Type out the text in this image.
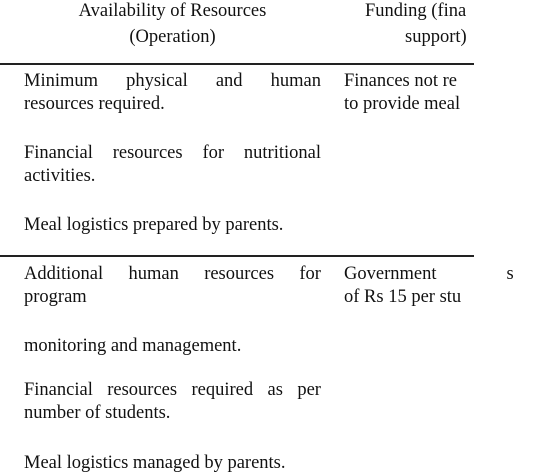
Availability of Resources
(Operation)
Funding (fina
support)
Minimum physical and human
resources required.
Financial resources for nutritional
activities.
Meal logistics prepared by parents.
Finances not re
to provide meal
Additional human resources for
program
monitoring and management.
Financial resources required as per
number of students.
Meal logistics managed by parents.
Government	s
of Rs 15 per stu
